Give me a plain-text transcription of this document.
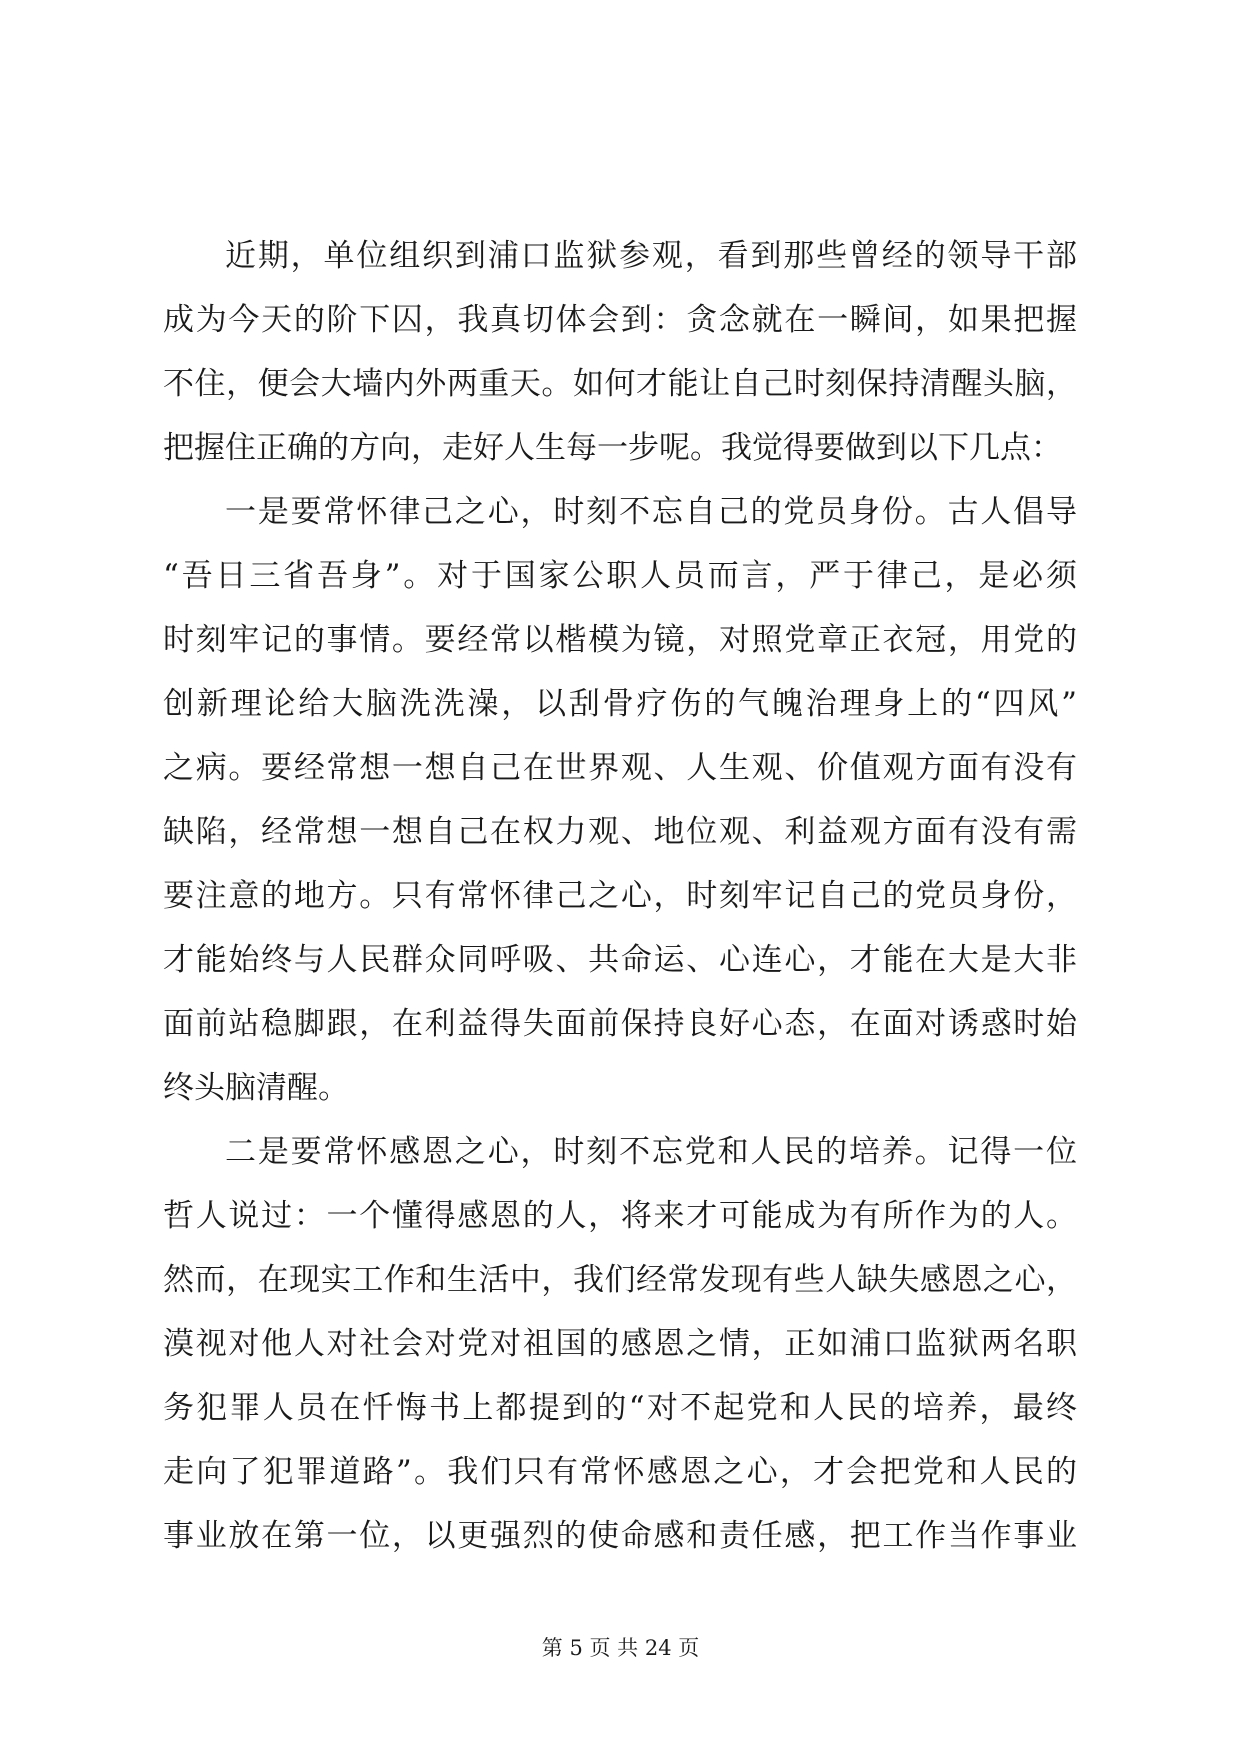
近期，单位组织到浦口监狱参观，看到那些曾经的领导干部
成为今天的阶下囚，我真切体会到：贪念就在一瞬间，如果把握
不住，便会大墙内外两重天。如何才能让自己时刻保持清醒头脑，
把握住正确的方向，走好人生每一步呢。我觉得要做到以下几点：
一是要常怀律己之心，时刻不忘自己的党员身份。古人倡导
“吾日三省吾身”。对于国家公职人员而言，严于律己，是必须
时刻牢记的事情。要经常以楷模为镜，对照党章正衣冠，用党的
创新理论给大脑洗洗澡，以刮骨疗伤的气魄治理身上的“四风”
之病。要经常想一想自己在世界观、人生观、价值观方面有没有
缺陷，经常想一想自己在权力观、地位观、利益观方面有没有需
要注意的地方。只有常怀律己之心，时刻牢记自己的党员身份，
才能始终与人民群众同呼吸、共命运、心连心，才能在大是大非
面前站稳脚跟，在利益得失面前保持良好心态，在面对诱惑时始
终头脑清醒。
二是要常怀感恩之心，时刻不忘党和人民的培养。记得一位
哲人说过：一个懂得感恩的人，将来才可能成为有所作为的人。
然而，在现实工作和生活中，我们经常发现有些人缺失感恩之心，
漠视对他人对社会对党对祖国的感恩之情，正如浦口监狱两名职
务犯罪人员在忏悔书上都提到的“对不起党和人民的培养，最终
走向了犯罪道路”。我们只有常怀感恩之心，才会把党和人民的
事业放在第一位，以更强烈的使命感和责任感，把工作当作事业
第 5 页 共 24 页
